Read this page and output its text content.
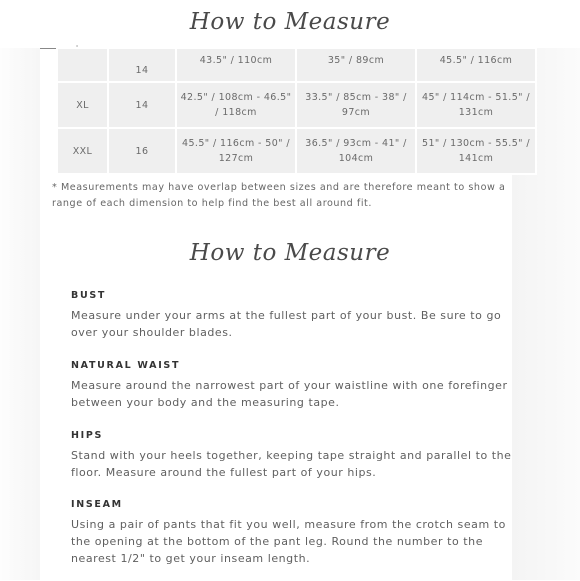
How to Measure
	14	43.5" / 110cm	35" / 89cm	45.5" / 116cm
XL	14	42.5" / 108cm - 46.5" / 118cm	33.5" / 85cm - 38" / 97cm	45" / 114cm - 51.5" / 131cm
XXL	16	45.5" / 116cm - 50" / 127cm	36.5" / 93cm - 41" / 104cm	51" / 130cm - 55.5" / 141cm
* Measurements may have overlap between sizes and are therefore meant to show a range of each dimension to help find the best all around fit.
How to Measure
BUST
Measure under your arms at the fullest part of your bust. Be sure to go over your shoulder blades.
NATURAL WAIST
Measure around the narrowest part of your waistline with one forefinger between your body and the measuring tape.
HIPS
Stand with your heels together, keeping tape straight and parallel to the floor. Measure around the fullest part of your hips.
INSEAM
Using a pair of pants that fit you well, measure from the crotch seam to the opening at the bottom of the pant leg. Round the number to the nearest 1/2" to get your inseam length.
